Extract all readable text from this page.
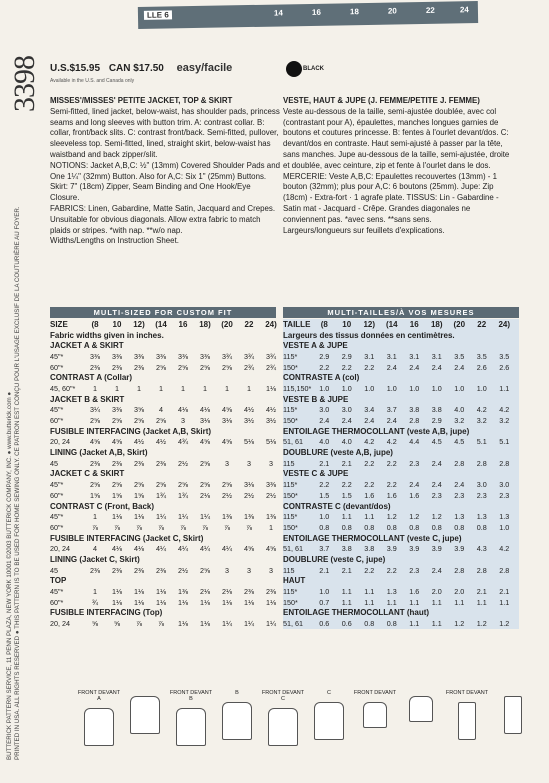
LLE 6	14	16	18	20	22	24
3398
BUTTERICK PATTERN SERVICE, 11 PENN PLAZA, NEW YORK 10001 ©2003 BUTTERICK COMPANY, INC. ● www.butterick.com ● PRINTED IN USA. ALL RIGHTS RESERVED ● THIS PATTERN IS TO BE USED FOR HOME SEWING ONLY. CE PATRON EST CONÇU POUR L'USAGE EXCLUSIF DE LA COUTURIÈRE AU FOYER.
U.S.$15.95 CAN $17.50 easy/facile
Available in the U.S. and Canada only
BLACK
MISSES'/MISSES' PETITE JACKET, TOP & SKIRT
Semi-fitted, lined jacket, below-waist, has shoulder pads, princess seams and long sleeves with button trim. A: contrast collar. B: collar, front/back slits. C: contrast front/back. Semi-fitted, pullover, sleeveless top. Semi-fitted, lined, straight skirt, below-waist has waistband and back zipper/slit.
NOTIONS: Jacket A,B,C: ½" (13mm) Covered Shoulder Pads and One 1¼" (32mm) Button. Also for A,C: Six 1" (25mm) Buttons. Skirt: 7" (18cm) Zipper, Seam Binding and One Hook/Eye Closure.
FABRICS: Linen, Gabardine, Matte Satin, Jacquard and Crepes. Unsuitable for obvious diagonals. Allow extra fabric to match plaids or stripes. *with nap. **w/o nap.
Widths/Lengths on Instruction Sheet.
VESTE, HAUT & JUPE (J. FEMME/PETITE J. FEMME)
Veste au-dessous de la taille, semi-ajustée doublée, avec col (contrastant pour A), épaulettes, manches longues garnies de boutons et coutures princesse. B: fentes à l'ourlet devant/dos. C: devant/dos en contraste. Haut semi-ajusté à passer par la tête, sans manches. Jupe au-dessous de la taille, semi-ajustée, droite et doublée, avec ceinture, zip et fente à l'ourlet dans le dos.
MERCERIE: Veste A,B,C: Epaulettes recouvertes (13mm) - 1 bouton (32mm); plus pour A,C: 6 boutons (25mm). Jupe: Zip (18cm) - Extra-fort · 1 agrafe plate. TISSUS: Lin - Gabardine - Satin mat - Jacquard - Crêpe. Grandes diagonales ne conviennent pas. *avec sens. **sans sens.
Largeurs/longueurs sur feuillets d'explications.
MULTI-SIZED FOR CUSTOM FIT	MULTI-TAILLES/À VOS MESURES
SIZE	(8	10	12)	(14	16	18)	(20	22	24)
Fabric widths given in inches.
JACKET A & SKIRT
45"*	3⅜	3⅜	3⅜	3⅜	3⅜	3⅜	3¾	3¾	3¾
60"*	2⅜	2⅜	2⅜	2⅝	2⅝	2⅝	2⅝	2¾	2¾
CONTRAST A (Collar)
45, 60"*	1	1	1	1	1	1	1	1	1⅛
JACKET B & SKIRT
45"*	3¼	3⅜	3⅝	4	4⅛	4⅛	4⅝	4½	4½
60"*	2⅝	2⅝	2⅝	2⅝	3	3⅛	3⅛	3½	3½
FUSIBLE INTERFACING (Jacket A,B, Skirt)
20, 24	4⅝	4⅝	4½	4½	4¾	4⅝	4⅝	5⅛	5⅛
LINING (Jacket A,B, Skirt)
45	2⅜	2⅜	2⅜	2⅜	2½	2⅝	3	3	3
JACKET C & SKIRT
45"*	2⅝	2⅝	2⅝	2⅝	2⅝	2⅝	2⅝	3⅛	3⅜
60"*	1⅝	1⅝	1⅝	1¾	1¾	2⅛	2½	2½	2½
CONTRAST C (Front, Back)
45"*	1	1⅛	1⅛	1¼	1¼	1¼	1⅜	1⅜	1⅜
60"*	⅞	⅞	⅞	⅞	⅞	⅞	⅞	⅞	1
FUSIBLE INTERFACING (Jacket C, Skirt)
20, 24	4	4⅛	4⅛	4¼	4¼	4¼	4¼	4⅝	4⅝
LINING (Jacket C, Skirt)
45	2⅜	2⅜	2⅜	2⅜	2½	2⅝	3	3	3
TOP
45"*	1	1⅛	1⅛	1⅛	1⅜	2⅛	2⅛	2⅜	2⅜
60"*	¾	1⅛	1⅛	1⅛	1⅛	1⅛	1⅛	1⅛	1⅛
FUSIBLE INTERFACING (Top)
20, 24	⅝	⅝	⅞	⅞	1⅛	1⅛	1¼	1¼	1¼
TAILLE	(8	10	12)	(14	16	18)	(20	22	24)
Largeurs des tissus données en centimètres.
VESTE A & JUPE
115*	2.9	2.9	3.1	3.1	3.1	3.1	3.5	3.5	3.5
150*	2.2	2.2	2.2	2.4	2.4	2.4	2.4	2.6	2.6
CONTRASTE A (col)
115,150*	1.0	1.0	1.0	1.0	1.0	1.0	1.0	1.0	1.1
VESTE B & JUPE
115*	3.0	3.0	3.4	3.7	3.8	3.8	4.0	4.2	4.2
150*	2.4	2.4	2.4	2.4	2.8	2.9	3.2	3.2	3.2
ENTOILAGE THERMOCOLLANT (veste A,B, jupe)
51, 61	4.0	4.0	4.2	4.2	4.4	4.5	4.5	5.1	5.1
DOUBLURE (veste A,B, jupe)
115	2.1	2.1	2.2	2.2	2.3	2.4	2.8	2.8	2.8
VESTE C & JUPE
115*	2.2	2.2	2.2	2.2	2.4	2.4	2.4	3.0	3.0
150*	1.5	1.5	1.6	1.6	1.6	2.3	2.3	2.3	2.3
CONTRASTE C (devant/dos)
115*	1.0	1.1	1.1	1.2	1.2	1.2	1.3	1.3	1.3
150*	0.8	0.8	0.8	0.8	0.8	0.8	0.8	0.8	1.0
ENTOILAGE THERMOCOLLANT (veste C, jupe)
51, 61	3.7	3.8	3.8	3.9	3.9	3.9	3.9	4.3	4.2
DOUBLURE (veste C, jupe)
115	2.1	2.1	2.2	2.2	2.3	2.4	2.8	2.8	2.8
HAUT
115*	1.0	1.1	1.1	1.3	1.6	2.0	2.0	2.1	2.1
150*	0.7	1.1	1.1	1.1	1.1	1.1	1.1	1.1	1.1
ENTOILAGE THERMOCOLLANT (haut)
51, 61	0.6	0.6	0.8	0.8	1.1	1.1	1.2	1.2	1.2
FRONT DEVANT
A
FRONT DEVANT
B
B	FRONT DEVANT
C
C	FRONT DEVANT	FRONT DEVANT
